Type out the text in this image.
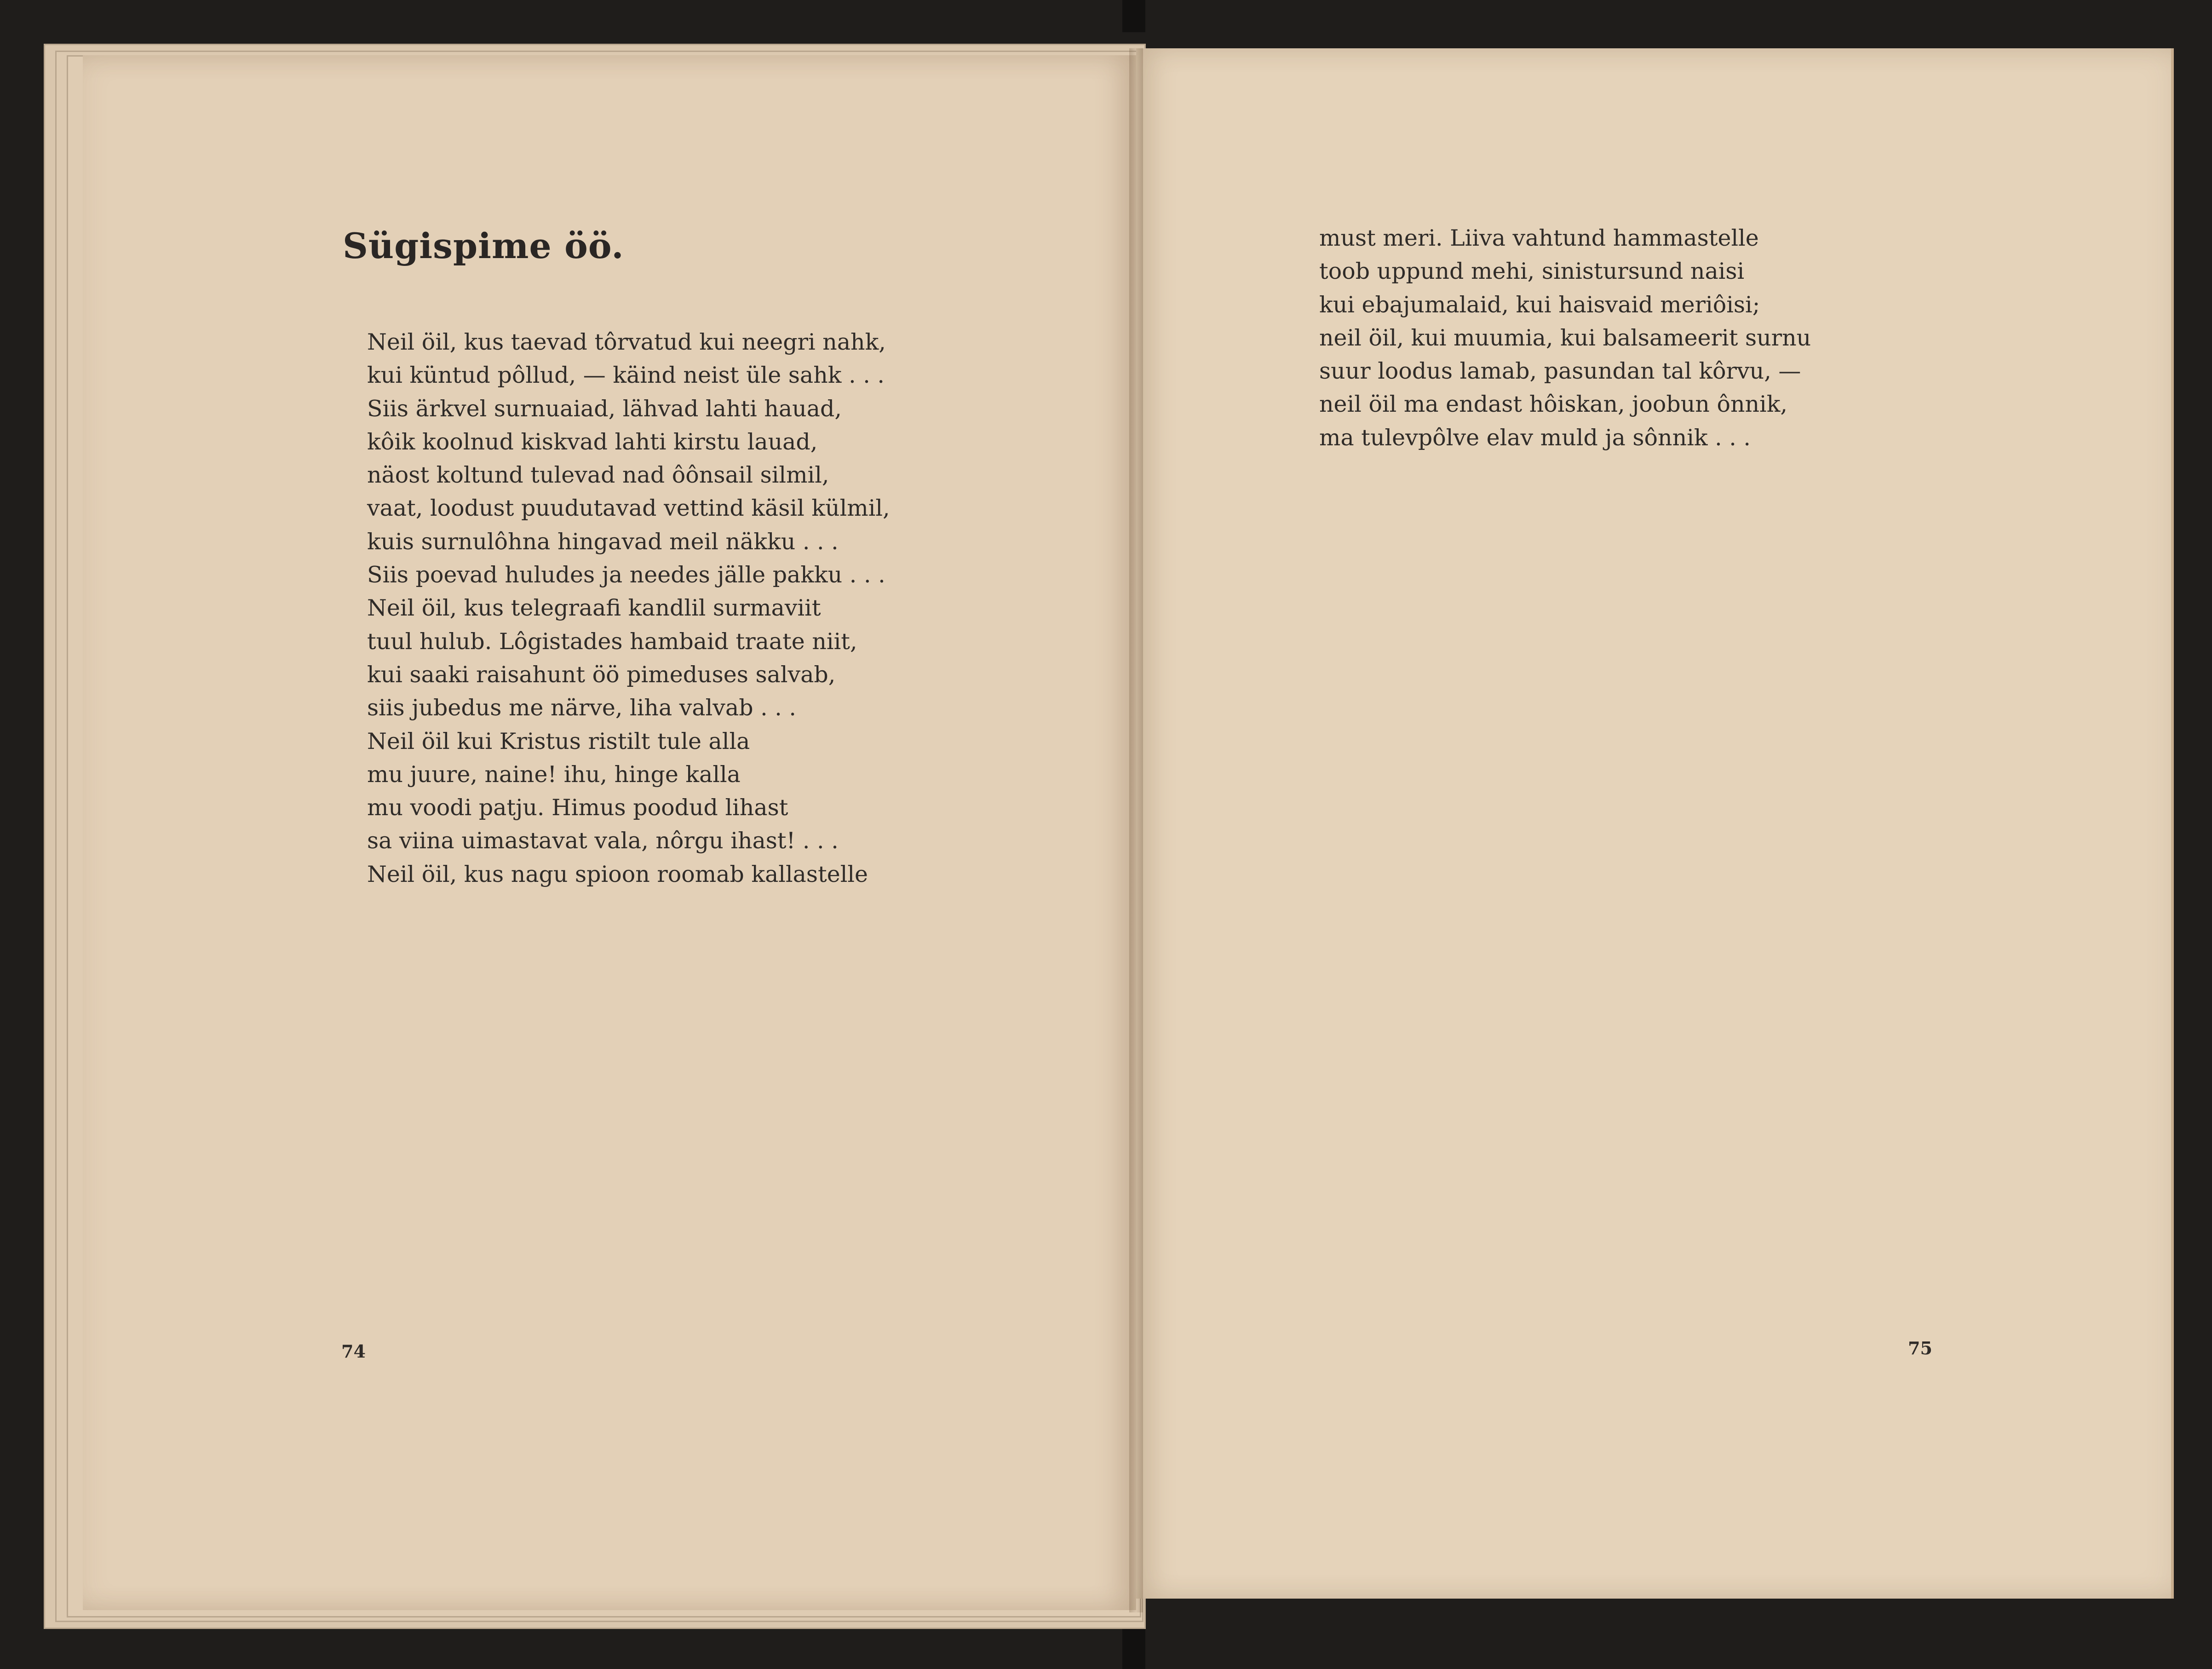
Sügispime öö.
Neil öil, kus taevad tôrvatud kui neegri nahk,
kui küntud pôllud, — käind neist üle sahk . . .
Siis ärkvel surnuaiad, lähvad lahti hauad,
kôik koolnud kiskvad lahti kirstu lauad,
näost koltund tulevad nad ôônsail silmil,
vaat, loodust puudutavad vettind käsil külmil,
kuis surnulôhna hingavad meil näkku . . .
Siis poevad huludes ja needes jälle pakku . . .
Neil öil, kus telegraafi kandlil surmaviit
tuul hulub. Lôgistades hambaid traate niit,
kui saaki raisahunt öö pimeduses salvab,
siis jubedus me närve, liha valvab . . .
Neil öil kui Kristus ristilt tule alla
mu juure, naine! ihu, hinge kalla
mu voodi patju. Himus poodud lihast
sa viina uimastavat vala, nôrgu ihast! . . .
Neil öil, kus nagu spioon roomab kallastelle
74
must meri. Liiva vahtund hammastelle
toob uppund mehi, sinistursund naisi
kui ebajumalaid, kui haisvaid meriôisi;
neil öil, kui muumia, kui balsameerit surnu
suur loodus lamab, pasundan tal kôrvu, —
neil öil ma endast hôiskan, joobun ônnik,
ma tulevpôlve elav muld ja sônnik . . .
75
